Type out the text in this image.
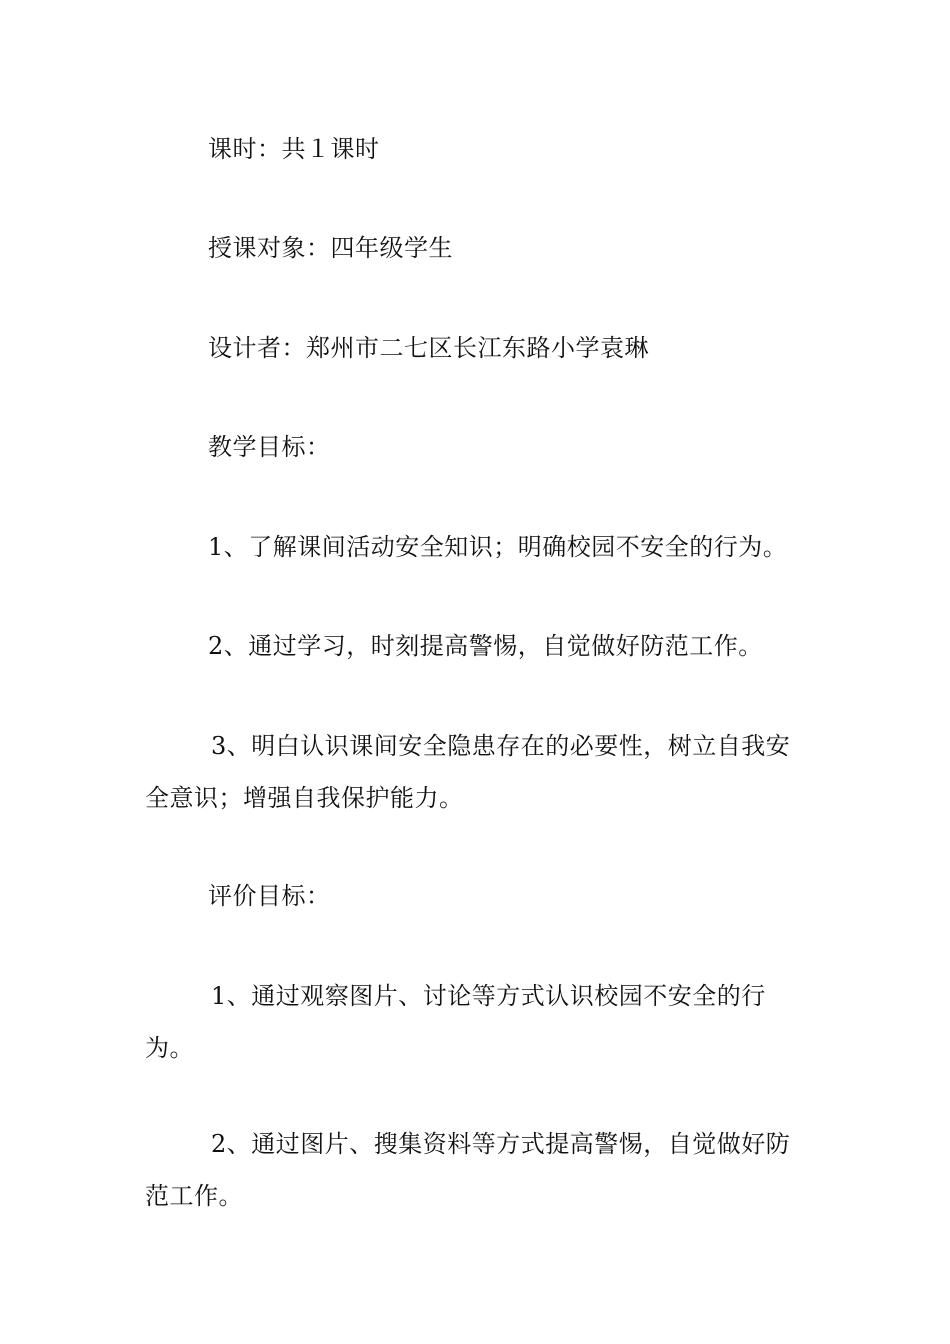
课时：共１课时
授课对象：四年级学生
设计者：郑州市二七区长江东路小学袁琳
教学目标：
1、了解课间活动安全知识；明确校园不安全的行为。
2、通过学习，时刻提高警惕，自觉做好防范工作。
3、明白认识课间安全隐患存在的必要性，树立自我安全意识；增强自我保护能力。
评价目标：
1、通过观察图片、讨论等方式认识校园不安全的行为。
2、通过图片、搜集资料等方式提高警惕，自觉做好防范工作。
